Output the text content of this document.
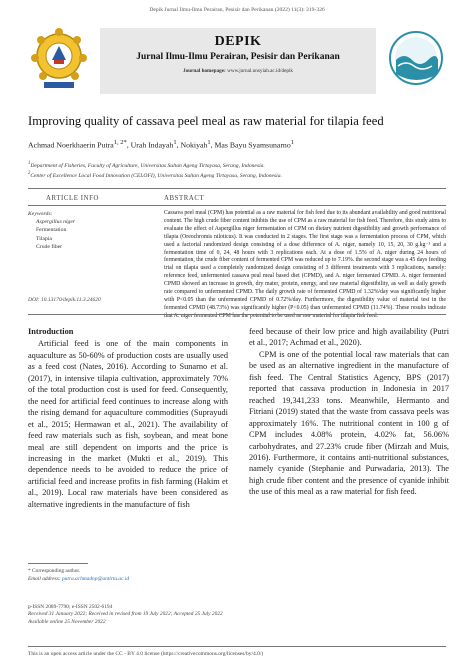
Depik Jurnal Ilmu-Ilmu Perairan, Pesisir dan Perikanan (2022) 11(3): 319-326
DEPIK
Jurnal Ilmu-Ilmu Perairan, Pesisir dan Perikanan
Journal homepage: www.jurnal.unsyiah.ac.id/depik
Improving quality of cassava peel meal as raw material for tilapia feed
Achmad Noerkhaerin Putra$^{1, 2*}$, Urah Indayah$^1$, Nokiyah$^1$, Mas Bayu Syamsunarno$^1$
$^1$Department of Fisheries, Faculty of Agriculture, Universitas Sultan Ageng Tirtayasa, Serang, Indonesia.
$^2$Center of Excellence Local Food Innovation (CELOFI), Universitas Sultan Ageng Tirtayasa, Serang, Indonesia.
ARTICLE INFO	ABSTRACT
Keywords:
Aspergillus niger
Fermentation
Tilapia
Crude fiber
DOI: 10.13170/depik.11.3.24620
Cassava peel meal (CPM) has potential as a raw material for fish feed due to its abundant availability and good nutritional content. The high crude fiber content inhibits the use of CPM as a raw material for fish feed. Therefore, this study aims to evaluate the effect of Aspergillus niger fermentation of CPM on dietary nutrient digestibility and growth performance of tilapia (Oreochromis niloticus). It was conducted in 2 stages. The first stage was a fermentation process of CPM, which used a factorial randomized design consisting of a dose difference of A. niger, namely 10, 15, 20, 30 g.kg⁻¹ and a fermentation time of 0, 24, 48 hours with 3 replications each. At a dose of 1.5% of A. niger during 24 hours of fermentation, the crude fiber content of fermented CPM was reduced up to 7.19%. the second stage was a 45 days feeding trial on tilapia used a completely randomized design consisting of 3 different treatments with 3 replications, namely: reference feed, unfermented cassava peal meal based diet (CPMD), and A. niger fermented CPMD. A. niger fermented CPMD showed an increase in growth, dry mater, protein, energy, and raw material digestibility, as well as daily growth rate compared to unfermented CPMD. The daily growth rate of fermented CPMD of 1.32%/day was significantly higher with P<0.05 than the unfermented CPMD of 0.72%/day. Furthermore, the digestibility value of material test in the fermented CPMD (48.73%) was significantly higher (P<0.05) than unfermented CPMD (11.74%). These results indicate that A. niger fermented CPM has the potential to be used as raw material for tilapia fish feed.
Introduction

Artificial feed is one of the main components in aquaculture as 50-60% of production costs are usually used as a feed cost (Nates, 2016). According to Sunarno et al. (2017), in intensive tilapia cultivation, approximately 70% of the total production cost is used for feed. Consequently, the need for artificial feed continues to increase along with the rising demand for aquaculture commodities (Suprayudi et al., 2015; Hermawan et al., 2021). The availability of feed raw materials such as fish, soybean, and meat bone meal are still dependent on imports and the price is increasing in the market (Mukti et al., 2019). This dependence needs to be avoided to reduce the price of artificial feed and increase profits in fish farming (Hakim et al., 2019). Local raw materials have been considered as alternative ingredients in the manufacture of fish

feed because of their low price and high availability (Putri et al., 2017; Achmad et al., 2020).

CPM is one of the potential local raw materials that can be used as an alternative ingredient in the manufacture of fish feed. The Central Statistics Agency, BPS (2017) reported that cassava production in Indonesia in 2017 reached 19,341,233 tons. Meanwhile, Hermanto and Fitriani (2019) stated that the waste from cassava peels was approximately 16%. The nutritional content in 100 g of CPM includes 4.08% protein, 4.02% fat, 56.06% carbohydrates, and 27.23% crude fiber (Mirzah and Muis, 2016). Furthermore, it contains anti-nutritional substances, namely cyanide (Stephanie and Purwadaria, 2013). The high crude fiber content and the presence of cyanide inhibit the use of this meal as a raw material for fish feed.

* Corresponding author.
Email address: putra.achmadnp@untirta.ac.id
p-ISSN 2089-7790; e-ISSN 2502-6194
Received 31 January 2022; Received in revised from 19 July 2022; Accepted 25 July 2022
Available online 25 November 2022
This is an open access article under the CC - BY 4.0 license (https://creativecommons.org/licenses/by/4.0/)
